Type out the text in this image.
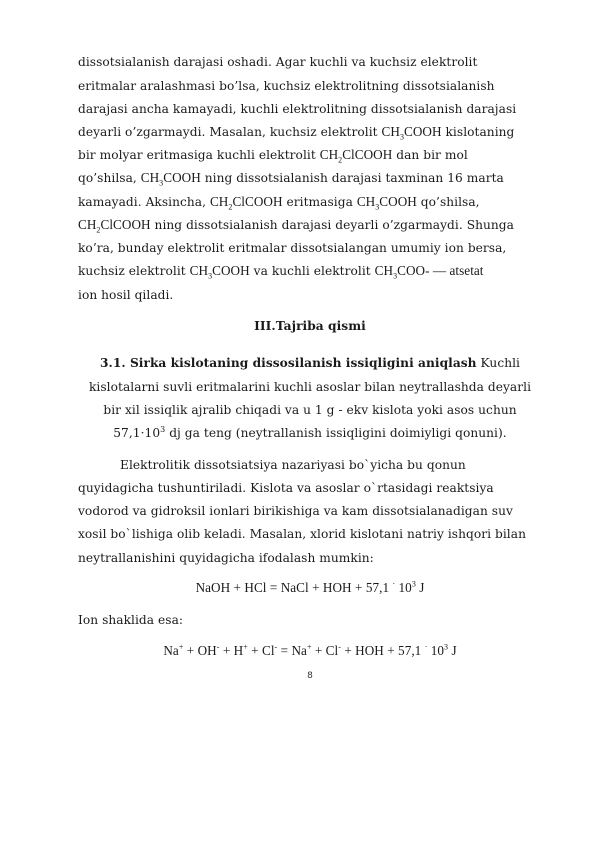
dissotsialanish darajasi oshadi. Agar kuchli va kuchsiz elektrolit
eritmalar aralashmasi bo’lsa, kuchsiz elektrolitning dissotsialanish
darajasi ancha kamayadi, kuchli elektrolitning dissotsialanish darajasi
deyarli o’zgarmaydi. Masalan, kuchsiz elektrolit $CH_3COOH$ kislotaning
bir molyar eritmasiga kuchli elektrolit $CH_2ClCOOH$ dan bir mol
qo’shilsa, $CH_3COOH$ ning dissotsialanish darajasi taxminan 16 marta
kamayadi. Aksincha, $CH_2ClCOOH$ eritmasiga $CH_3COOH$ qo’shilsa,
$CH_2ClCOOH$ ning dissotsialanish darajasi deyarli o’zgarmaydi. Shunga
ko’ra, bunday elektrolit eritmalar dissotsialangan umumiy ion bersa,
kuchsiz elektrolit $CH_3COOH$ va kuchli elektrolit $CH_3COO-$ — atsetat
ion hosil qiladi.
III.Tajriba qismi
3.1. Sirka kislotaning dissosilanish issiqligini aniqlash Kuchli
kislotalarni suvli eritmalarini kuchli asoslar bilan neytrallashda deyarli
bir xil issiqlik ajralib chiqadi va u 1 g - ekv kislota yoki asos uchun
$57,1\cdot 10^3$ dj ga teng (neytrallanish issiqligini doimiyligi qonuni).
Elektrolitik dissotsiatsiya nazariyasi bo`yicha bu qonun
quyidagicha tushuntiriladi. Kislota va asoslar o`rtasidagi reaktsiya
vodorod va gidroksil ionlari birikishiga va kam dissotsialanadigan suv
xosil bo`lishiga olib keladi. Masalan, xlorid kislotani natriy ishqori bilan
neytrallanishini quyidagicha ifodalash mumkin:
NaOH + HCl = NaCl + HOH + 57,1 · $10^3$ J
Ion shaklida esa:
Na+ + OH- + H+ + Cl- = Na+ + Cl- + HOH + 57,1 · $10^3$ J
8
